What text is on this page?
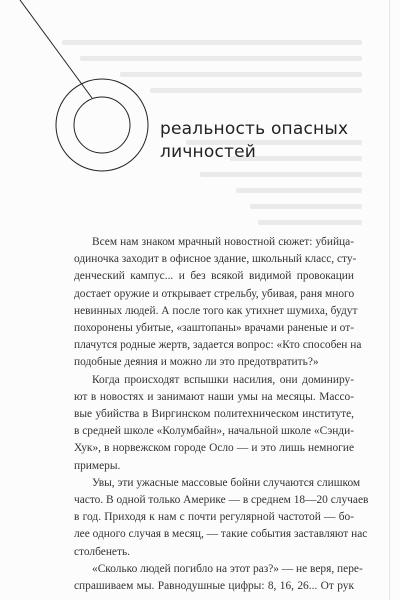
реальность опасных
личностей
Всем нам знаком мрачный новостной сюжет: убийца-
одиночка заходит в офисное здание, школьный класс, сту-
денческий кампус... и без всякой видимой провокации
достает оружие и открывает стрельбу, убивая, раня много
невинных людей. А после того как утихнет шумиха, будут
похоронены убитые, «заштопаны» врачами раненые и от-
плачутся родные жертв, задается вопрос: «Кто способен на
подобные деяния и можно ли это предотвратить?»
Когда происходят вспышки насилия, они доминиру-
ют в новостях и занимают наши умы на месяцы. Массо-
вые убийства в Виргинском политехническом институте,
в средней школе «Колумбайн», начальной школе «Сэнди-
Хук», в норвежском городе Осло — и это лишь немногие
примеры.
Увы, эти ужасные массовые бойни случаются слишком
часто. В одной только Америке — в среднем 18—20 случаев
в год. Приходя к нам с почти регулярной частотой — бо-
лее одного случая в месяц, — такие события заставляют нас
столбенеть.
«Сколько людей погибло на этот раз?» — не веря, пере-
спрашиваем мы. Равнодушные цифры: 8, 16, 26... От рук
